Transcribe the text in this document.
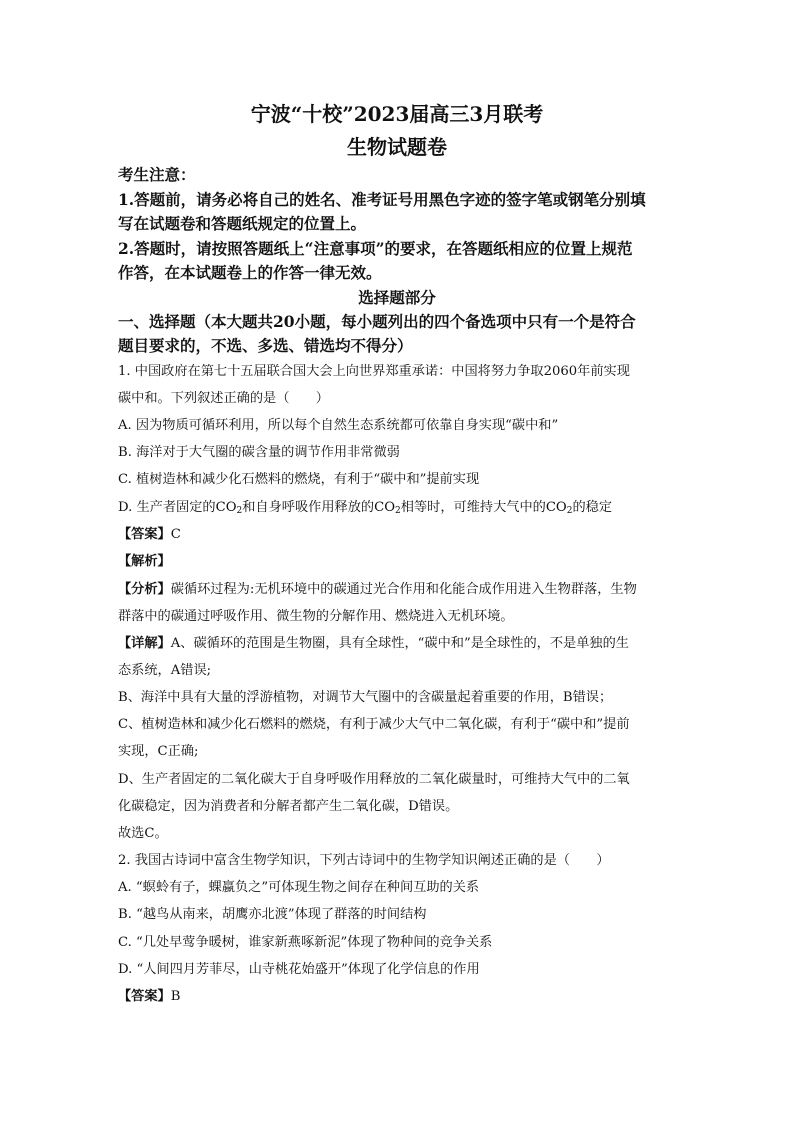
宁波“十校”2023届高三3月联考
生物试题卷
考生注意：
1.答题前，请务必将自己的姓名、准考证号用黑色字迹的签字笔或钢笔分别填
写在试题卷和答题纸规定的位置上。
2.答题时，请按照答题纸上“注意事项”的要求，在答题纸相应的位置上规范
作答，在本试题卷上的作答一律无效。
选择题部分
一、选择题（本大题共20小题，每小题列出的四个备选项中只有一个是符合
题目要求的，不选、多选、错选均不得分）
1. 中国政府在第七十五届联合国大会上向世界郑重承诺：中国将努力争取2060年前实现
碳中和。下列叙述正确的是（　　）
A. 因为物质可循环利用，所以每个自然生态系统都可依靠自身实现“碳中和”
B. 海洋对于大气圈的碳含量的调节作用非常微弱
C. 植树造林和减少化石燃料的燃烧，有利于“碳中和”提前实现
D. 生产者固定的$CO_2$和自身呼吸作用释放的$CO_2$相等时，可维持大气中的$CO_2$的稳定
【答案】C
【解析】
【分析】碳循环过程为:无机环境中的碳通过光合作用和化能合成作用进入生物群落，生物
群落中的碳通过呼吸作用、微生物的分解作用、燃烧进入无机环境。
【详解】A、碳循环的范围是生物圈，具有全球性，“碳中和”是全球性的，不是单独的生
态系统，A错误;
B、海洋中具有大量的浮游植物，对调节大气圈中的含碳量起着重要的作用，B错误；
C、植树造林和减少化石燃料的燃烧，有利于减少大气中二氧化碳，有利于“碳中和”提前
实现，C正确;
D、生产者固定的二氧化碳大于自身呼吸作用释放的二氧化碳量时，可维持大气中的二氧
化碳稳定，因为消费者和分解者都产生二氧化碳，D错误。
故选C。
2. 我国古诗词中富含生物学知识，下列古诗词中的生物学知识阐述正确的是（　　）
A. “螟蛉有子，蜾蠃负之”可体现生物之间存在种间互助的关系
B. “越鸟从南来，胡鹰亦北渡”体现了群落的时间结构
C. “几处早莺争暖树，谁家新燕啄新泥”体现了物种间的竞争关系
D. “人间四月芳菲尽，山寺桃花始盛开”体现了化学信息的作用
【答案】B
